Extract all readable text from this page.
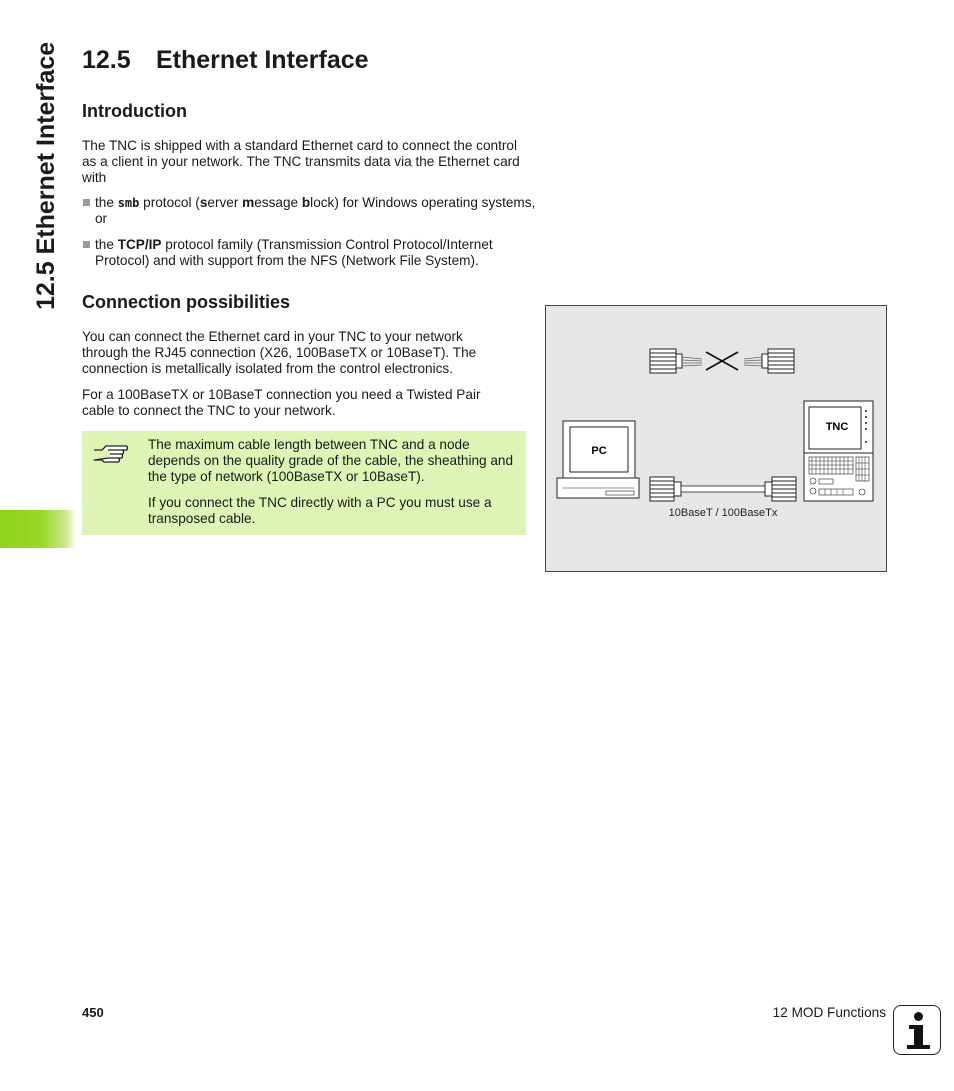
12.5 Ethernet Interface 12.5 Ethernet Interface
Introduction

The TNC is shipped with a standard Ethernet card to connect the control as a client in your network. The TNC transmits data via the Ethernet card with

the smb protocol (server message block) for Windows operating systems, or
the TCP/IP protocol family (Transmission Control Protocol/Internet Protocol) and with support from the NFS (Network File System).
Connection possibilities

You can connect the Ethernet card in your TNC to your network through the RJ45 connection (X26, 100BaseTX or 10BaseT). The connection is metallically isolated from the control electronics.

For a 100BaseTX or 10BaseT connection you need a Twisted Pair cable to connect the TNC to your network.

The maximum cable length between TNC and a node depends on the quality grade of the cable, the sheathing and the type of network (100BaseTX or 10BaseT).

If you connect the TNC directly with a PC you must use a transposed cable.

PC
10BaseT / 100BaseTx
TNC
450	12 MOD Functions
